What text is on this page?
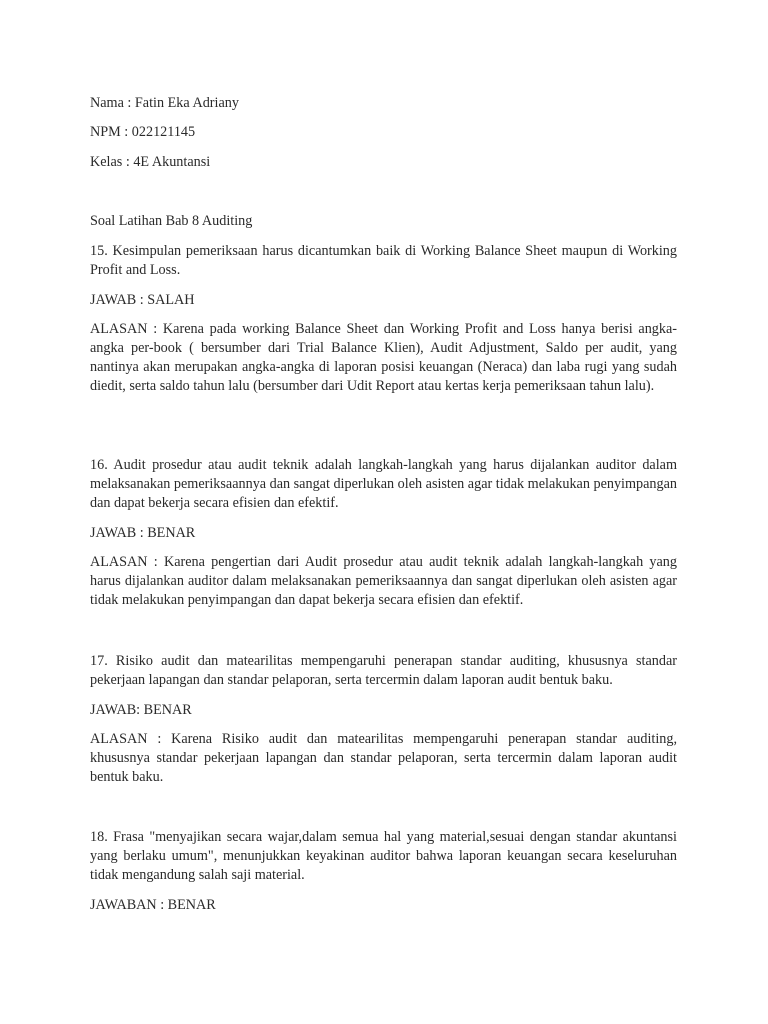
Nama : Fatin Eka Adriany
NPM : 022121145
Kelas : 4E Akuntansi
Soal Latihan Bab 8 Auditing
15. Kesimpulan pemeriksaan harus dicantumkan baik di Working Balance Sheet maupun di Working Profit and Loss.
JAWAB : SALAH
ALASAN : Karena pada working Balance Sheet dan Working Profit and Loss hanya berisi angka-angka per-book ( bersumber dari Trial Balance Klien), Audit Adjustment, Saldo per audit, yang nantinya akan merupakan angka-angka di laporan posisi keuangan (Neraca) dan laba rugi yang sudah diedit, serta saldo tahun lalu (bersumber dari Udit Report atau kertas kerja pemeriksaan tahun lalu).
16. Audit prosedur atau audit teknik adalah langkah-langkah yang harus dijalankan auditor dalam melaksanakan pemeriksaannya dan sangat diperlukan oleh asisten agar tidak melakukan penyimpangan dan dapat bekerja secara efisien dan efektif.
JAWAB : BENAR
ALASAN : Karena pengertian dari Audit prosedur atau audit teknik adalah langkah-langkah yang harus dijalankan auditor dalam melaksanakan pemeriksaannya dan sangat diperlukan oleh asisten agar tidak melakukan penyimpangan dan dapat bekerja secara efisien dan efektif.
17. Risiko audit dan matearilitas mempengaruhi penerapan standar auditing, khususnya standar pekerjaan lapangan dan standar pelaporan, serta tercermin dalam laporan audit bentuk baku.
JAWAB: BENAR
ALASAN : Karena Risiko audit dan matearilitas mempengaruhi penerapan standar auditing, khususnya standar pekerjaan lapangan dan standar pelaporan, serta tercermin dalam laporan audit bentuk baku.
18. Frasa "menyajikan secara wajar,dalam semua hal yang material,sesuai dengan standar akuntansi yang berlaku umum", menunjukkan keyakinan auditor bahwa laporan keuangan secara keseluruhan tidak mengandung salah saji material.
JAWABAN : BENAR
